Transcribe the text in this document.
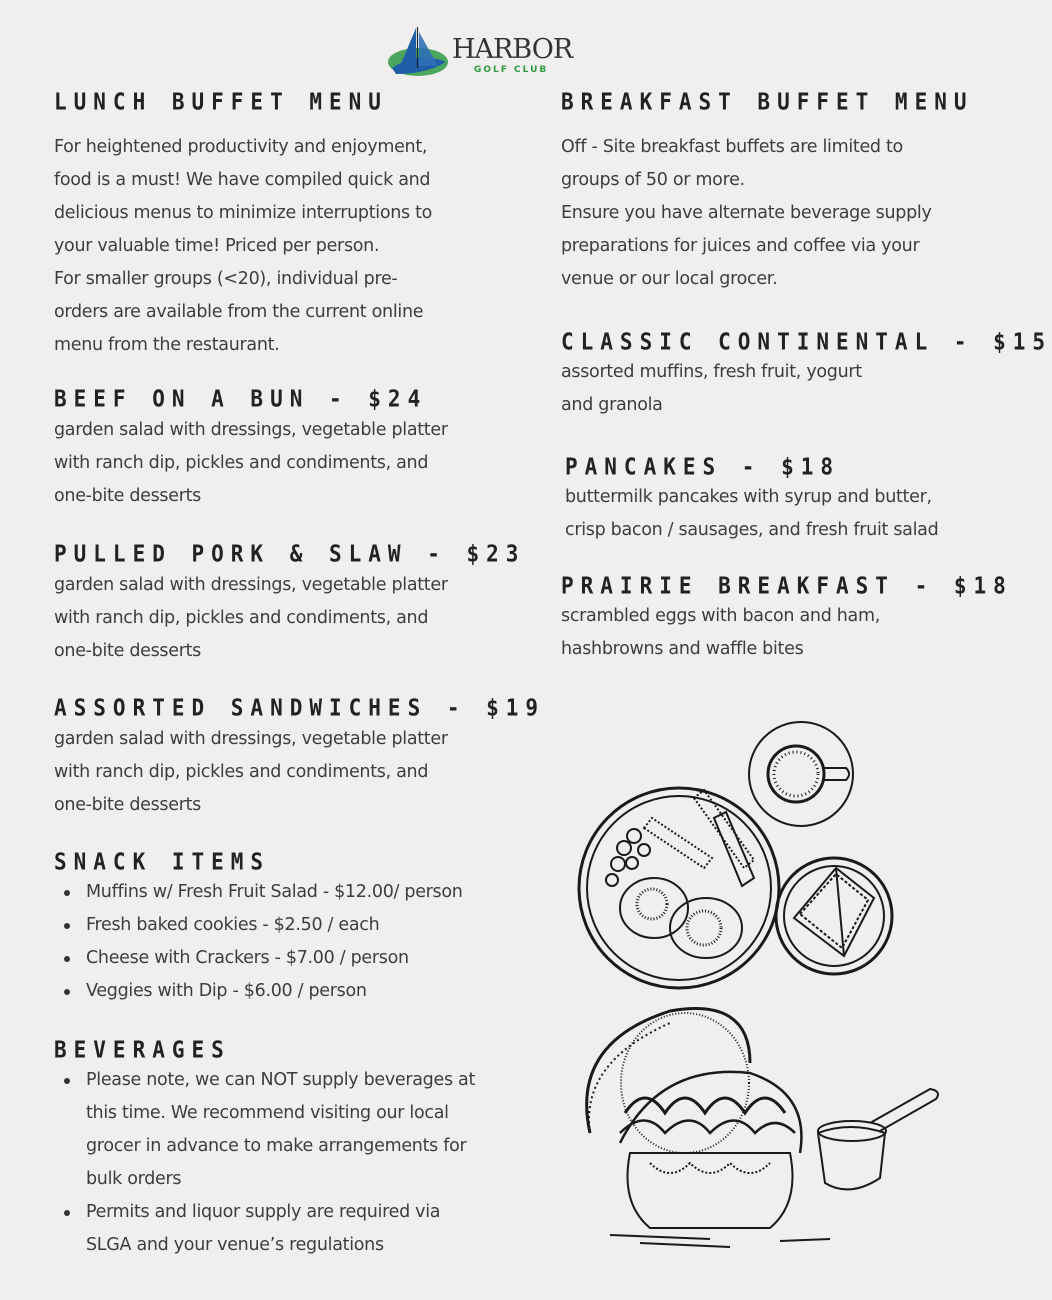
HARBOR
GOLF CLUB
LUNCH BUFFET MENU

For heightened productivity and enjoyment,

food is a must! We have compiled quick and

delicious menus to minimize interruptions to

your valuable time! Priced per person.

For smaller groups (<20), individual pre-

orders are available from the current online

menu from the restaurant.

BEEF ON A BUN - $24

garden salad with dressings, vegetable platter

with ranch dip, pickles and condiments, and

one-bite desserts

PULLED PORK & SLAW - $23

garden salad with dressings, vegetable platter

with ranch dip, pickles and condiments, and

one-bite desserts

ASSORTED SANDWICHES - $19

garden salad with dressings, vegetable platter

with ranch dip, pickles and condiments, and

one-bite desserts

SNACK ITEMS
Muffins w/ Fresh Fruit Salad - $12.00/ person
Fresh baked cookies - $2.50 / each
Cheese with Crackers - $7.00 / person
Veggies with Dip - $6.00 / person
BEVERAGES
Please note, we can NOT supply beverages at
this time. We recommend visiting our local
grocer in advance to make arrangements for
bulk orders
Permits and liquor supply are required via
SLGA and your venue’s regulations
BREAKFAST BUFFET MENU

Off - Site breakfast buffets are limited to

groups of 50 or more.

Ensure you have alternate beverage supply

preparations for juices and coffee via your

venue or our local grocer.

CLASSIC CONTINENTAL - $15

assorted muffins, fresh fruit, yogurt

and granola

PANCAKES - $18

buttermilk pancakes with syrup and butter,

crisp bacon / sausages, and fresh fruit salad

PRAIRIE BREAKFAST - $18

scrambled eggs with bacon and ham,

hashbrowns and waffle bites
